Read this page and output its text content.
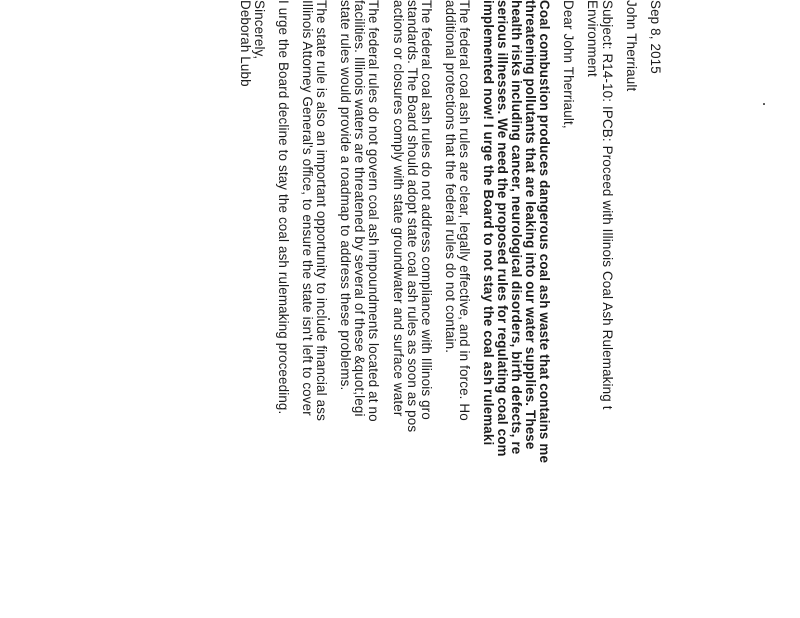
Sep 8, 2015
John Therriault
Subject: R14-10: IPCB: Proceed with Illinois Coal Ash Rulemaking t
Environment
Dear John Therriault,
Coal combustion produces dangerous coal ash waste that contains me
threatening pollutants that are leaking into our water supplies. These
health risks including cancer, neurological disorders, birth defects, re
serious illnesses. We need the proposed rules for regulating coal com
implemented now! I urge the Board to not stay the coal ash rulemaki
The federal coal ash rules are clear, legally effective, and in force. Ho
additional protections that the federal rules do not contain.
The federal coal ash rules do not address compliance with Illinois gro
standards. The Board should adopt state coal ash rules as soon as pos
actions or closures comply with state groundwater and surface water
The federal rules do not govern coal ash impoundments located at no
facilities. Illinois waters are threatened by several of these &quot;legi
state rules would provide a roadmap to address these problems.
The state rule is also an important opportunity to include financial ass
Illinois Attorney General's office, to ensure the state isn't left to cover
I urge the Board decline to stay the coal ash rulemaking proceeding.
Sincerely,
Deborah Lubb
